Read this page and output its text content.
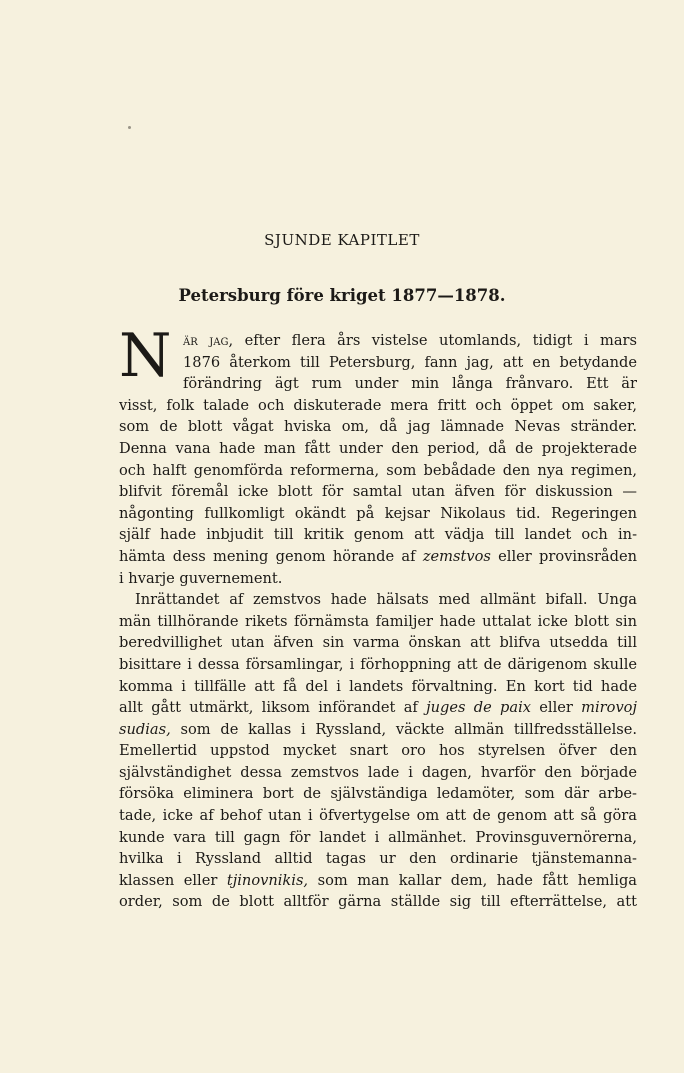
SJUNDE KAPITLET
Petersburg före kriget 1877—1878.
N är jag, efter flera års vistelse utomlands, tidigt i mars
1876 återkom till Petersburg, fann jag, att en betydande
förändring ägt rum under min långa frånvaro. Ett är
visst, folk talade och diskuterade mera fritt och öppet om saker,
som de blott vågat hviska om, då jag lämnade Nevas stränder.
Denna vana hade man fått under den period, då de projekterade
och halft genomförda reformerna, som bebådade den nya regimen,
blifvit föremål icke blott för samtal utan äfven för diskussion —
någonting fullkomligt okändt på kejsar Nikolaus tid. Regeringen
själf hade inbjudit till kritik genom att vädja till landet och in-
hämta dess mening genom hörande af zemstvos eller provinsråden
i hvarje guvernement.
Inrättandet af zemstvos hade hälsats med allmänt bifall. Unga
män tillhörande rikets förnämsta familjer hade uttalat icke blott sin
beredvillighet utan äfven sin varma önskan att blifva utsedda till
bisittare i dessa församlingar, i förhoppning att de därigenom skulle
komma i tillfälle att få del i landets förvaltning. En kort tid hade
allt gått utmärkt, liksom införandet af juges de paix eller mirovoj
sudias, som de kallas i Ryssland, väckte allmän tillfredsställelse.
Emellertid uppstod mycket snart oro hos styrelsen öfver den
självständighet dessa zemstvos lade i dagen, hvarför den började
försöka eliminera bort de självständiga ledamöter, som där arbe-
tade, icke af behof utan i öfvertygelse om att de genom att så göra
kunde vara till gagn för landet i allmänhet. Provinsguvernörerna,
hvilka i Ryssland alltid tagas ur den ordinarie tjänstemanna-
klassen eller tjinovnikis, som man kallar dem, hade fått hemliga
order, som de blott alltför gärna ställde sig till efterrättelse, att
